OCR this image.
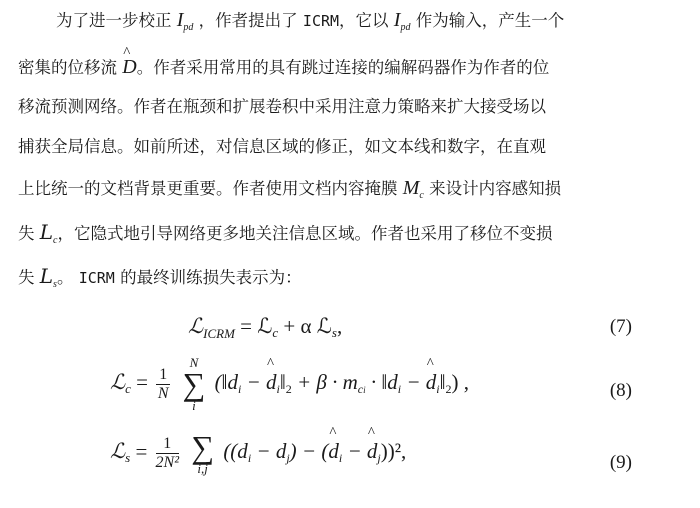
为了进一步校正 $I_{pd}$ ，作者提出了 ICRM，它以 $I_{pd}$ 作为输入，产生一个
密集的位移流 ^ D。作者采用常用的具有跳过连接的编解码器作为作者的位
移流预测网络。作者在瓶颈和扩展卷积中采用注意力策略来扩大接受场以
捕获全局信息。如前所述，对信息区域的修正，如文本线和数字，在直观
上比统一的文档背景更重要。作者使用文档内容掩膜 $M_c$ 来设计内容感知损
失 $L_c$，它隐式地引导网络更多地关注信息区域。作者也采用了移位不变损
失 $L_s$。 ICRM 的最终训练损失表示为：
ℒ$_{ICRM}$ = ℒ$_c$ + α ℒ$_s$,	(7)
ℒ$_c$ = $\frac{1}{N}$

N
∑
i
($‖d_i$ − ^ $d_i‖_2 + \beta \cdot m_{ci}$ · $‖d_i$ − ^ $d_i‖_2$) ,	(8)
ℒ$_s$ = $\frac{1}{\text{2N²}}$
∑
i,j
($(d_i - d_j)$ − (^ $d_i$ − ^ $d_j))^2$,	(9)
